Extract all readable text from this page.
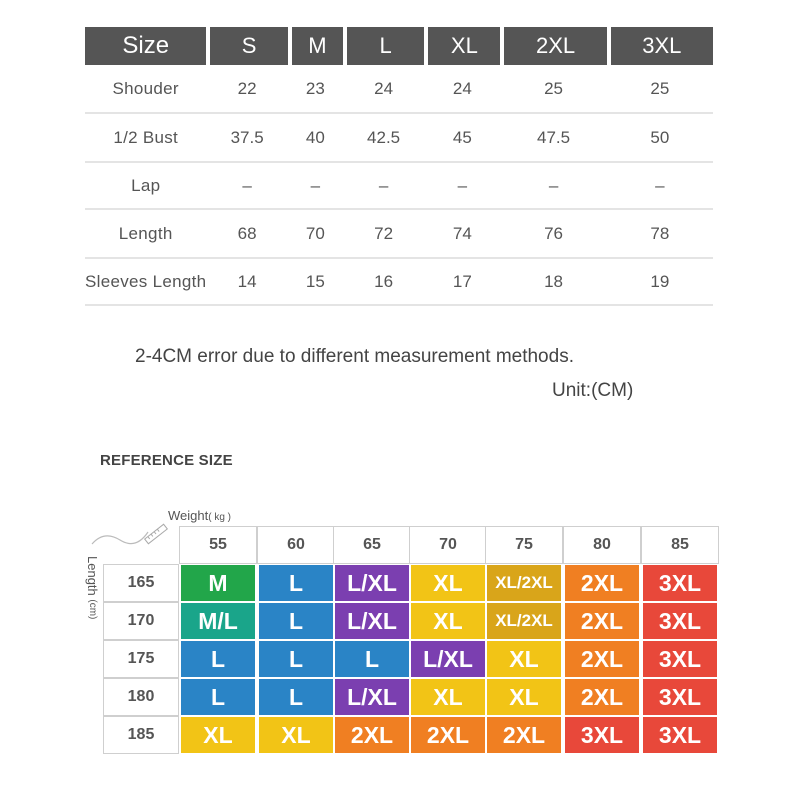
Size	S	M	L	XL	2XL	3XL
Shouder	22	23	24	24	25	25
1/2 Bust	37.5	40	42.5	45	47.5	50
Lap	–	–	–	–	–	–
Length	68	70	72	74	76	78
Sleeves Length	14	15	16	17	18	19
2-4CM error due to different measurement methods.
Unit:(CM)
REFERENCE SIZE
Weight( kg )
Length (cm)
55	60	65	70	75	80	85
165	M	L	L/XL	XL	XL/2XL	2XL	3XL
170	M/L	L	L/XL	XL	XL/2XL	2XL	3XL
175	L	L	L	L/XL	XL	2XL	3XL
180	L	L	L/XL	XL	XL	2XL	3XL
185	XL	XL	2XL	2XL	2XL	3XL	3XL
